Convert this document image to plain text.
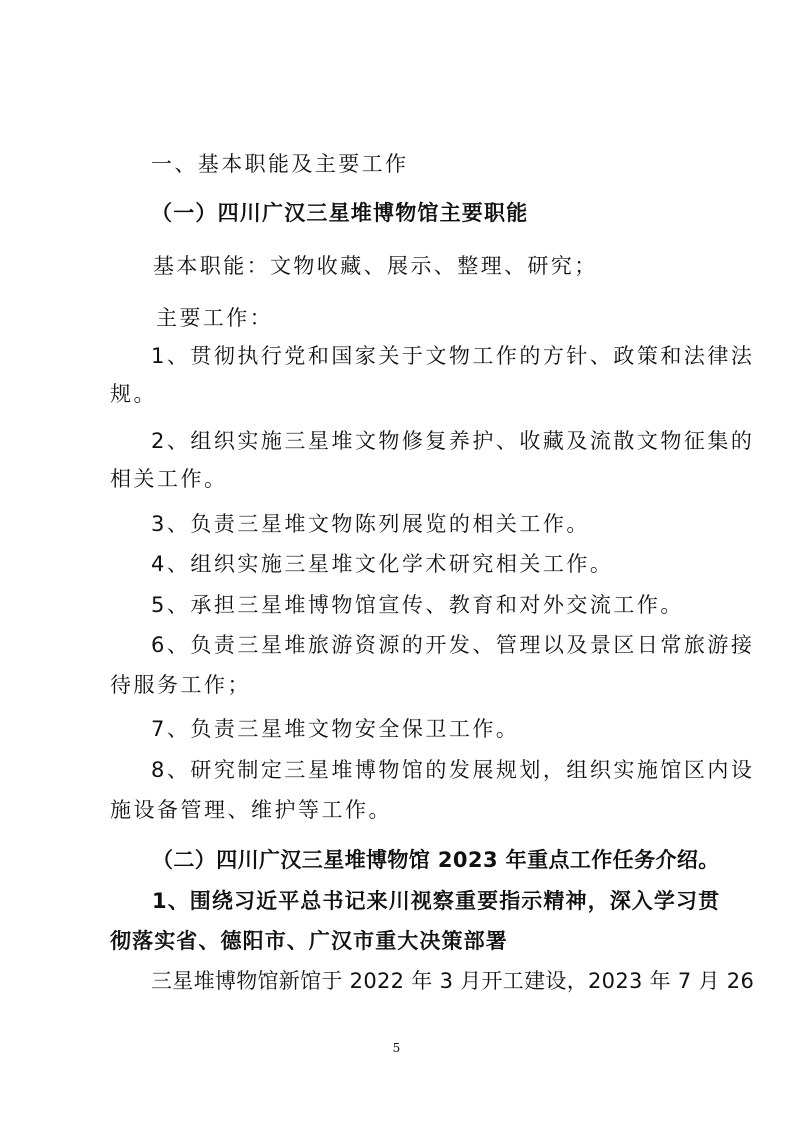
一、基本职能及主要工作
（一）四川广汉三星堆博物馆主要职能
基本职能：文物收藏、展示、整理、研究；
主要工作：
1、贯彻执行党和国家关于文物工作的方针、政策和法律法
规。
2、组织实施三星堆文物修复养护、收藏及流散文物征集的
相关工作。
3、负责三星堆文物陈列展览的相关工作。
4、组织实施三星堆文化学术研究相关工作。
5、承担三星堆博物馆宣传、教育和对外交流工作。
6、负责三星堆旅游资源的开发、管理以及景区日常旅游接
待服务工作；
7、负责三星堆文物安全保卫工作。
8、研究制定三星堆博物馆的发展规划，组织实施馆区内设
施设备管理、维护等工作。
（二）四川广汉三星堆博物馆 2023 年重点工作任务介绍。
1、围绕习近平总书记来川视察重要指示精神，深入学习贯
彻落实省、德阳市、广汉市重大决策部署
三星堆博物馆新馆于 2022 年 3 月开工建设，2023 年 7 月 26
5
